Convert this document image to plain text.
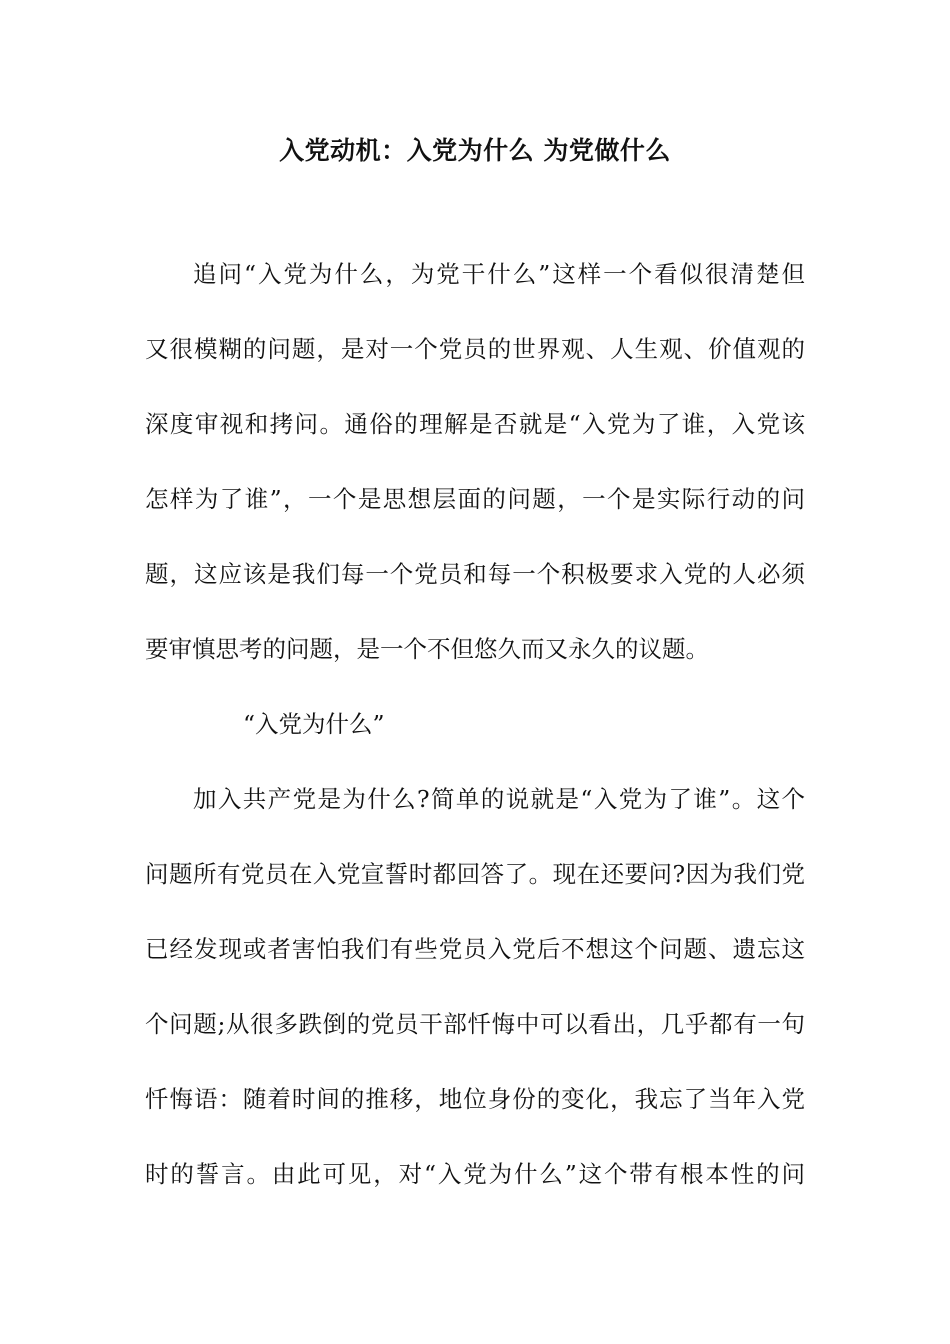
入党动机：入党为什么 为党做什么

追问“入党为什么，为党干什么”这样一个看似很清楚但

又很模糊的问题，是对一个党员的世界观、人生观、价值观的

深度审视和拷问。通俗的理解是否就是“入党为了谁，入党该

怎样为了谁”，一个是思想层面的问题，一个是实际行动的问

题，这应该是我们每一个党员和每一个积极要求入党的人必须

要审慎思考的问题，是一个不但悠久而又永久的议题。

“入党为什么”

加入共产党是为什么?简单的说就是“入党为了谁”。这个

问题所有党员在入党宣誓时都回答了。现在还要问?因为我们党

已经发现或者害怕我们有些党员入党后不想这个问题、遗忘这

个问题;从很多跌倒的党员干部忏悔中可以看出，几乎都有一句

忏悔语：随着时间的推移，地位身份的变化，我忘了当年入党

时的誓言。由此可见，对“入党为什么”这个带有根本性的问
